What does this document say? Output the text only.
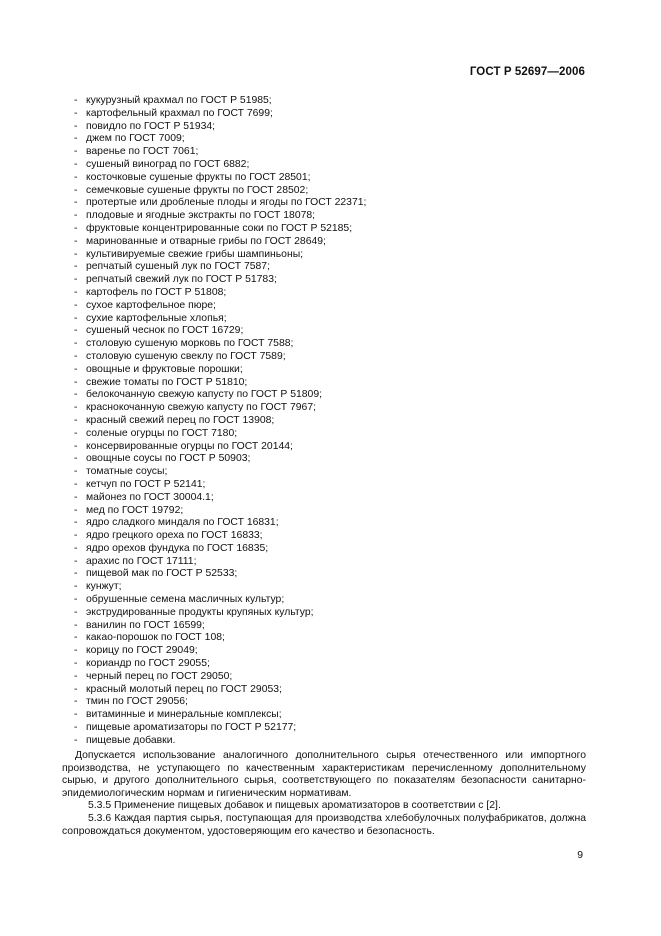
ГОСТ Р 52697—2006
- кукурузный крахмал по ГОСТ Р 51985;
- картофельный крахмал по ГОСТ 7699;
- повидло по ГОСТ Р 51934;
- джем по ГОСТ 7009;
- варенье по ГОСТ 7061;
- сушеный виноград по ГОСТ 6882;
- косточковые сушеные фрукты по ГОСТ 28501;
- семечковые сушеные фрукты по ГОСТ 28502;
- протертые или дробленые плоды и ягоды по ГОСТ 22371;
- плодовые и ягодные экстракты по ГОСТ 18078;
- фруктовые концентрированные соки по ГОСТ Р 52185;
- маринованные и отварные грибы по ГОСТ 28649;
- культивируемые свежие грибы шампиньоны;
- репчатый сушеный лук по ГОСТ 7587;
- репчатый свежий лук по ГОСТ Р 51783;
- картофель по ГОСТ Р 51808;
- сухое картофельное пюре;
- сухие картофельные хлопья;
- сушеный чеснок по ГОСТ 16729;
- столовую сушеную морковь по ГОСТ 7588;
- столовую сушеную свеклу по ГОСТ 7589;
- овощные и фруктовые порошки;
- свежие томаты по ГОСТ Р 51810;
- белокочанную свежую капусту по ГОСТ Р 51809;
- краснокочанную свежую капусту по ГОСТ 7967;
- красный свежий перец по ГОСТ 13908;
- соленые огурцы по ГОСТ 7180;
- консервированные огурцы по ГОСТ 20144;
- овощные соусы по ГОСТ Р 50903;
- томатные соусы;
- кетчуп по ГОСТ Р 52141;
- майонез по ГОСТ 30004.1;
- мед по ГОСТ 19792;
- ядро сладкого миндаля по ГОСТ 16831;
- ядро грецкого ореха по ГОСТ 16833;
- ядро орехов фундука по ГОСТ 16835;
- арахис по ГОСТ 17111;
- пищевой мак по ГОСТ Р 52533;
- кунжут;
- обрушенные семена масличных культур;
- экструдированные продукты крупяных культур;
- ванилин по ГОСТ 16599;
- какао-порошок по ГОСТ 108;
- корицу по ГОСТ 29049;
- кориандр по ГОСТ 29055;
- черный перец по ГОСТ 29050;
- красный молотый перец по ГОСТ 29053;
- тмин по ГОСТ 29056;
- витаминные и минеральные комплексы;
- пищевые ароматизаторы по ГОСТ Р 52177;
- пищевые добавки.

Допускается использование аналогичного дополнительного сырья отечественного или импортного производства, не уступающего по качественным характеристикам перечисленному дополнительному сырью, и другого дополнительного сырья, соответствующего по показателям безопасности санитарно-эпидемиологическим нормам и гигиеническим нормативам.

5.3.5 Применение пищевых добавок и пищевых ароматизаторов в соответствии с [2].

5.3.6 Каждая партия сырья, поступающая для производства хлебобулочных полуфабрикатов, должна сопровождаться документом, удостоверяющим его качество и безопасность.

9
